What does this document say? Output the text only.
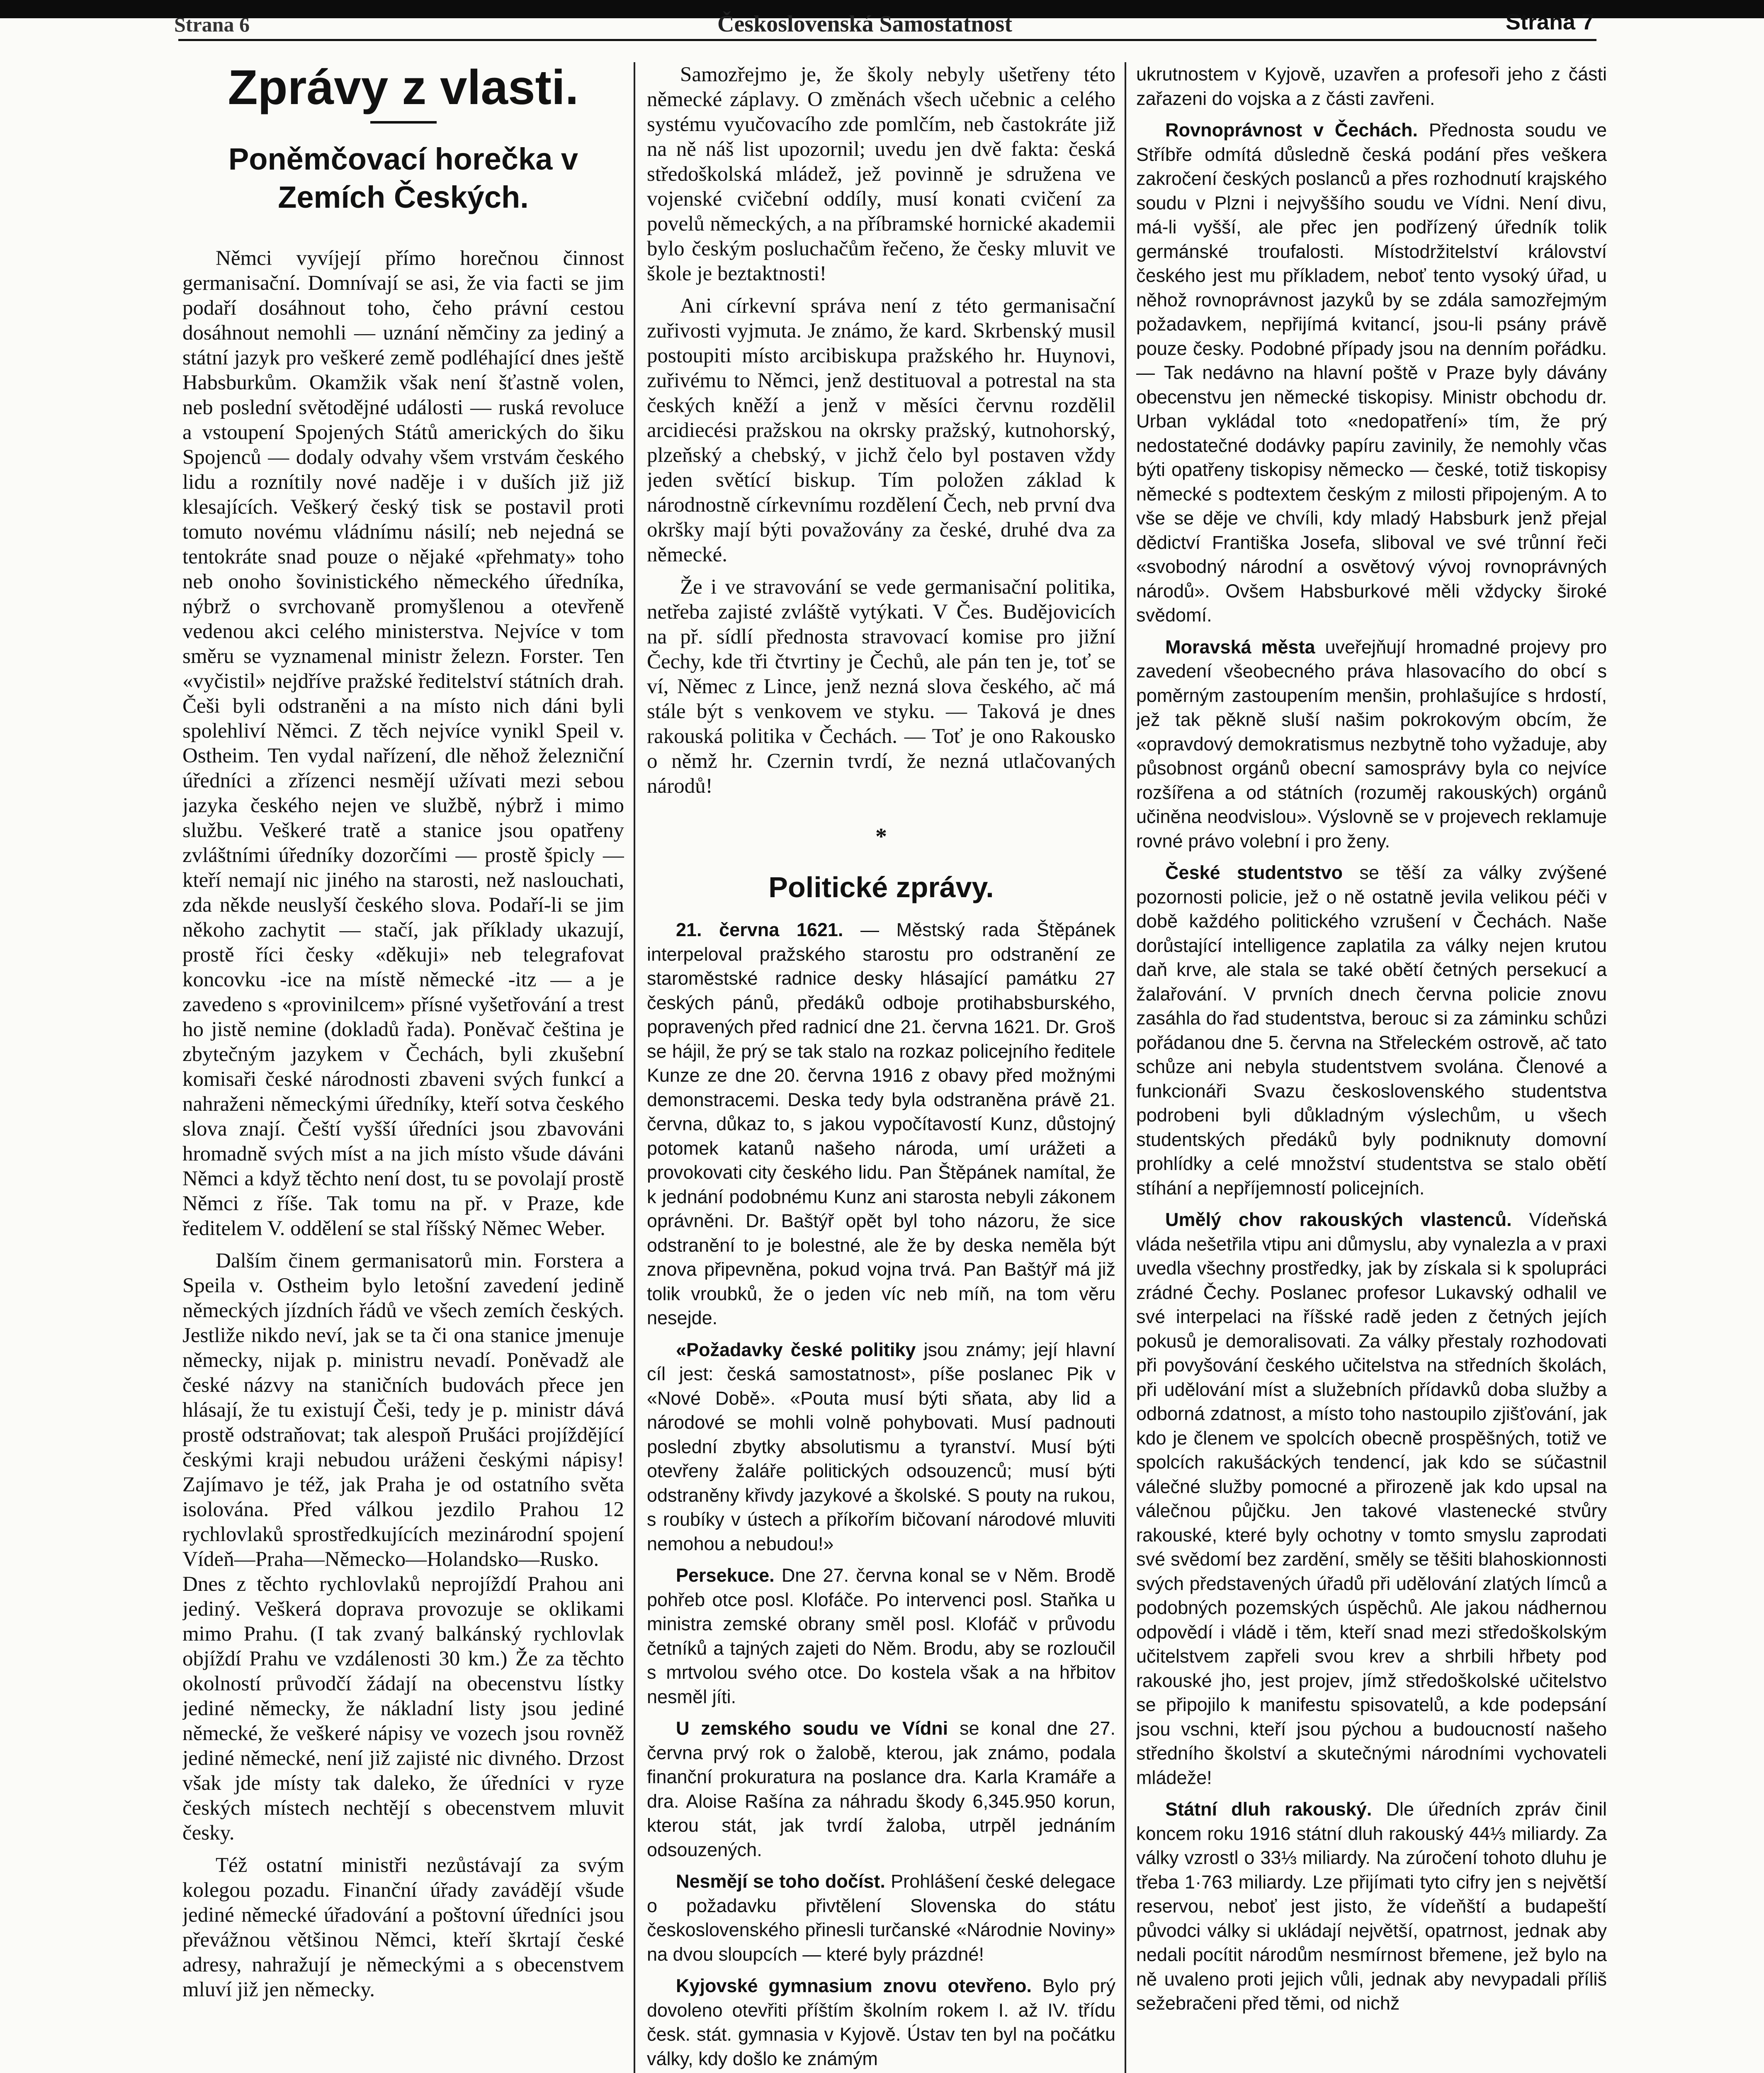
Strana 6	Československá Samostatnost	Strana 7
Zprávy z vlasti.
Poněmčovací horečka v Zemích Českých.

Němci vyvíjejí přímo horečnou činnost germanisační. Domnívají se asi, že via facti se jim podaří dosáhnout toho, čeho právní cestou dosáhnout nemohli — uznání němčiny za jediný a státní jazyk pro veškeré země podléhající dnes ještě Habsburkům. Okamžik však není šťastně volen, neb poslední světodějné události — ruská revoluce a vstoupení Spojených Států amerických do šiku Spojenců — dodaly odvahy všem vrstvám českého lidu a roznítily nové naděje i v duších již již klesajících. Veškerý český tisk se postavil proti tomuto novému vládnímu násilí; neb nejedná se tentokráte snad pouze o nějaké «přehmaty» toho neb onoho šovinistického německého úředníka, nýbrž o svrchovaně promyšlenou a otevřeně vedenou akci celého ministerstva. Nejvíce v tom směru se vyznamenal ministr železn. Forster. Ten «vyčistil» nejdříve pražské ředitelství státních drah. Češi byli odstraněni a na místo nich dáni byli spolehliví Němci. Z těch nejvíce vynikl Speil v. Ostheim. Ten vydal nařízení, dle něhož železniční úředníci a zřízenci nesmějí užívati mezi sebou jazyka českého nejen ve službě, nýbrž i mimo službu. Veškeré tratě a stanice jsou opatřeny zvláštními úředníky dozorčími — prostě špicly — kteří nemají nic jiného na starosti, než naslouchati, zda někde neuslyší českého slova. Podaří-li se jim někoho zachytit — stačí, jak příklady ukazují, prostě říci česky «děkuji» neb telegrafovat koncovku -ice na místě německé -itz — a je zavedeno s «provinilcem» přísné vyšetřování a trest ho jistě nemine (dokladů řada). Poněvač čeština je zbytečným jazykem v Čechách, byli zkušební komisaři české národnosti zbaveni svých funkcí a nahraženi německými úředníky, kteří sotva českého slova znají. Čeští vyšší úředníci jsou zbavováni hromadně svých míst a na jich místo všude dáváni Němci a když těchto není dost, tu se povolají prostě Němci z říše. Tak tomu na př. v Praze, kde ředitelem V. oddělení se stal říšský Němec Weber.

Dalším činem germanisatorů min. Forstera a Speila v. Ostheim bylo letošní zavedení jedině německých jízdních řádů ve všech zemích českých. Jestliže nikdo neví, jak se ta či ona stanice jmenuje německy, nijak p. ministru nevadí. Poněvadž ale české názvy na staničních budovách přece jen hlásají, že tu existují Češi, tedy je p. ministr dává prostě odstraňovat; tak alespoň Prušáci projíždějící českými kraji nebudou uráženi českými nápisy! Zajímavo je též, jak Praha je od ostatního světa isolována. Před válkou jezdilo Prahou 12 rychlovlaků sprostředkujících mezinárodní spojení Vídeň—Praha—Německo—Holandsko—Rusko. Dnes z těchto rychlovlaků neprojíždí Prahou ani jediný. Veškerá doprava provozuje se oklikami mimo Prahu. (I tak zvaný balkánský rychlovlak objíždí Prahu ve vzdálenosti 30 km.) Že za těchto okolností průvodčí žádají na obecenstvu lístky jediné německy, že nákladní listy jsou jediné německé, že veškeré nápisy ve vozech jsou rovněž jediné německé, není již zajisté nic divného. Drzost však jde místy tak daleko, že úředníci v ryze českých místech nechtějí s obecenstvem mluvit česky.

Též ostatní ministři nezůstávají za svým kolegou pozadu. Finanční úřady zavádějí všude jediné německé úřadování a poštovní úředníci jsou převážnou většinou Němci, kteří škrtají české adresy, nahražují je německými a s obecenstvem mluví již jen německy.

Samozřejmo je, že školy nebyly ušetřeny této německé záplavy. O změnách všech učebnic a celého systému vyučovacího zde pomlčím, neb častokráte již na ně náš list upozornil; uvedu jen dvě fakta: česká středoškolská mládež, jež povinně je sdružena ve vojenské cvičební oddíly, musí konati cvičení za povelů německých, a na příbramské hornické akademii bylo českým posluchačům řečeno, že česky mluvit ve škole je beztaktnosti!

Ani církevní správa není z této germanisační zuřivosti vyjmuta. Je známo, že kard. Skrbenský musil postoupiti místo arcibiskupa pražského hr. Huynovi, zuřivému to Němci, jenž destituoval a potrestal na sta českých kněží a jenž v měsíci červnu rozdělil arcidiecési pražskou na okrsky pražský, kutnohorský, plzeňský a chebský, v jichž čelo byl postaven vždy jeden světící biskup. Tím položen základ k národnostně církevnímu rozdělení Čech, neb první dva okršky mají býti považovány za české, druhé dva za německé.

Že i ve stravování se vede germanisační politika, netřeba zajisté zvláště vytýkati. V Čes. Budějovicích na př. sídlí přednosta stravovací komise pro jižní Čechy, kde tři čtvrtiny je Čechů, ale pán ten je, toť se ví, Němec z Lince, jenž nezná slova českého, ač má stále být s venkovem ve styku. — Taková je dnes rakouská politika v Čechách. — Toť je ono Rakousko o němž hr. Czernin tvrdí, že nezná utlačovaných národů!

*
Politické zprávy.

21. června 1621. — Městský rada Štěpánek interpeloval pražského starostu pro odstranění ze staroměstské radnice desky hlásající památku 27 českých pánů, předáků odboje protihabsburského, popravených před radnicí dne 21. června 1621. Dr. Groš se hájil, že prý se tak stalo na rozkaz policejního ředitele Kunze ze dne 20. června 1916 z obavy před možnými demonstracemi. Deska tedy byla odstraněna právě 21. června, důkaz to, s jakou vypočítavostí Kunz, důstojný potomek katanů našeho národa, umí urážeti a provokovati city českého lidu. Pan Štěpánek namítal, že k jednání podobnému Kunz ani starosta nebyli zákonem oprávněni. Dr. Baštýř opět byl toho názoru, že sice odstranění to je bolestné, ale že by deska neměla být znova připevněna, pokud vojna trvá. Pan Baštýř má již tolik vroubků, že o jeden víc neb míň, na tom věru nesejde.

«Požadavky české politiky jsou známy; její hlavní cíl jest: česká samostatnost», píše poslanec Pik v «Nové Době». «Pouta musí býti sňata, aby lid a národové se mohli volně pohybovati. Musí padnouti poslední zbytky absolutismu a tyranství. Musí býti otevřeny žaláře politických odsouzenců; musí býti odstraněny křivdy jazykové a školské. S pouty na rukou, s roubíky v ústech a příkořím bičovaní národové mluviti nemohou a nebudou!»

Persekuce. Dne 27. června konal se v Něm. Brodě pohřeb otce posl. Klofáče. Po intervenci posl. Staňka u ministra zemské obrany směl posl. Klofáč v průvodu četníků a tajných zajeti do Něm. Brodu, aby se rozloučil s mrtvolou svého otce. Do kostela však a na hřbitov nesměl jíti.

U zemského soudu ve Vídni se konal dne 27. června prvý rok o žalobě, kterou, jak známo, podala finanční prokuratura na poslance dra. Karla Kramáře a dra. Aloise Rašína za náhradu škody 6,345.950 korun, kterou stát, jak tvrdí žaloba, utrpěl jednáním odsouzených.

Nesmějí se toho dočíst. Prohlášení české delegace o požadavku přivtělení Slovenska do státu československého přinesli turčanské «Národnie Noviny» na dvou sloupcích — které byly prázdné!

Kyjovské gymnasium znovu otevřeno. Bylo prý dovoleno otevřiti příštím školním rokem I. až IV. třídu česk. stát. gymnasia v Kyjově. Ústav ten byl na počátku války, kdy došlo ke známým

ukrutnostem v Kyjově, uzavřen a profesoři jeho z části zařazeni do vojska a z části zavřeni.

Rovnoprávnost v Čechách. Přednosta soudu ve Stříbře odmítá důsledně česká podání přes veškera zakročení českých poslanců a přes rozhodnutí krajského soudu v Plzni i nejvyššího soudu ve Vídni. Není divu, má-li vyšší, ale přec jen podřízený úředník tolik germánské troufalosti. Místodržitelství království českého jest mu příkladem, neboť tento vysoký úřad, u něhož rovnoprávnost jazyků by se zdála samozřejmým požadavkem, nepřijímá kvitancí, jsou-li psány právě pouze česky. Podobné případy jsou na denním pořádku. — Tak nedávno na hlavní poště v Praze byly dávány obecenstvu jen německé tiskopisy. Ministr obchodu dr. Urban vykládal toto «nedopatření» tím, že prý nedostatečné dodávky papíru zavinily, že nemohly včas býti opatřeny tiskopisy německo — české, totiž tiskopisy německé s podtextem českým z milosti připojeným. A to vše se děje ve chvíli, kdy mladý Habsburk jenž přejal dědictví Františka Josefa, sliboval ve své trůnní řeči «svobodný národní a osvětový vývoj rovnoprávných národů». Ovšem Habsburkové měli vždycky široké svědomí.

Moravská města uveřejňují hromadné projevy pro zavedení všeobecného práva hlasovacího do obcí s poměrným zastoupením menšin, prohlašujíce s hrdostí, jež tak pěkně sluší našim pokrokovým obcím, že «opravdový demokratismus nezbytně toho vyžaduje, aby působnost orgánů obecní samosprávy byla co nejvíce rozšířena a od státních (rozuměj rakouských) orgánů učiněna neodvislou». Výslovně se v projevech reklamuje rovné právo volební i pro ženy.

České studentstvo se těší za války zvýšené pozornosti policie, jež o ně ostatně jevila velikou péči v době každého politického vzrušení v Čechách. Naše dorůstající intelligence zaplatila za války nejen krutou daň krve, ale stala se také obětí četných persekucí a žalařování. V prvních dnech června policie znovu zasáhla do řad studentstva, berouc si za záminku schůzi pořádanou dne 5. června na Střeleckém ostrově, ač tato schůze ani nebyla studentstvem svolána. Členové a funkcionáři Svazu československého studentstva podrobeni byli důkladným výslechům, u všech studentských předáků byly podniknuty domovní prohlídky a celé množství studentstva se stalo obětí stíhání a nepříjemností policejních.

Umělý chov rakouských vlastenců. Vídeňská vláda nešetřila vtipu ani důmyslu, aby vynalezla a v praxi uvedla všechny prostředky, jak by získala si k spolupráci zrádné Čechy. Poslanec profesor Lukavský odhalil ve své interpelaci na říšské radě jeden z četných jejích pokusů je demoralisovati. Za války přestaly rozhodovati při povyšování českého učitelstva na středních školách, při udělování míst a služebních přídavků doba služby a odborná zdatnost, a místo toho nastoupilo zjišťování, jak kdo je členem ve spolcích obecně prospěšných, totiž ve spolcích rakušáckých tendencí, jak kdo se súčastnil válečné služby pomocné a přirozeně jak kdo upsal na válečnou půjčku. Jen takové vlastenecké stvůry rakouské, které byly ochotny v tomto smyslu zaprodati své svědomí bez zardění, směly se těšiti blahoskionnosti svých představených úřadů při udělování zlatých límců a podobných pozemských úspěchů. Ale jakou nádhernou odpovědí i vládě i těm, kteří snad mezi středoškolským učitelstvem zapřeli svou krev a shrbili hřbety pod rakouské jho, jest projev, jímž středoškolské učitelstvo se připojilo k manifestu spisovatelů, a kde podepsání jsou vschni, kteří jsou pýchou a budoucností našeho středního školství a skutečnými národními vychovateli mládeže!

Státní dluh rakouský. Dle úředních zpráv činil koncem roku 1916 státní dluh rakouský 44⅓ miliardy. Za války vzrostl o 33⅓ miliardy. Na zúročení tohoto dluhu je třeba 1·763 miliardy. Lze přijímati tyto cifry jen s největší reservou, neboť jest jisto, že vídeňští a budapeští původci války si ukládají největší, opatrnost, jednak aby nedali pocítit národům nesmírnost břemene, jež bylo na ně uvaleno proti jejich vůli, jednak aby nevypadali příliš sežebračeni před těmi, od nichž
